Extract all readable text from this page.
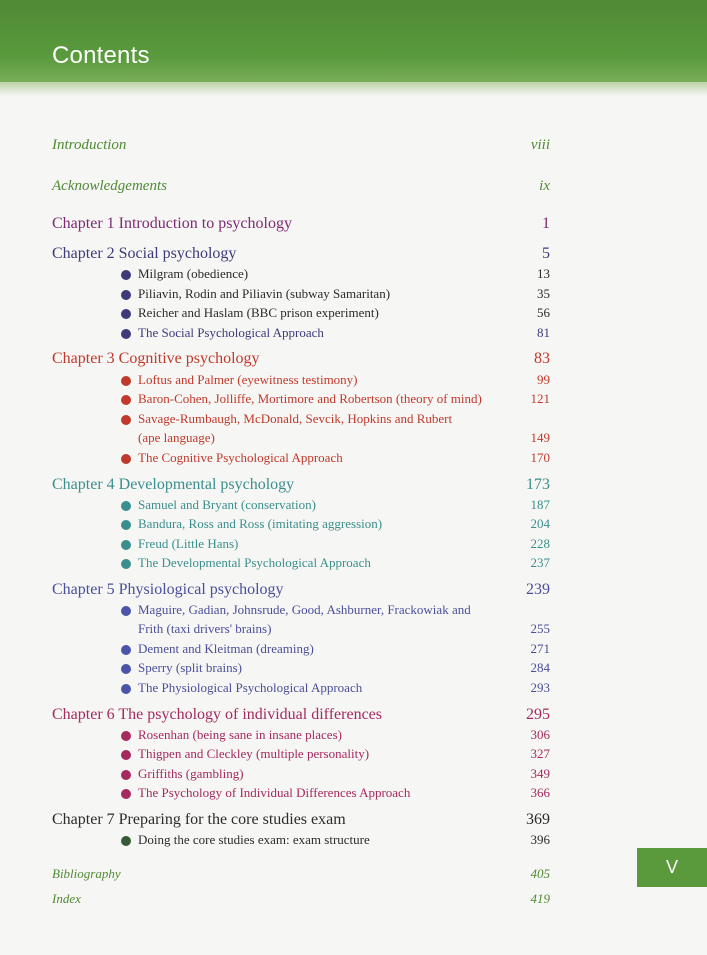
Contents
Introduction	viii
Acknowledgements	ix
Chapter 1 Introduction to psychology	1
Chapter 2 Social psychology	5
Milgram (obedience)	13
Piliavin, Rodin and Piliavin (subway Samaritan)	35
Reicher and Haslam (BBC prison experiment)	56
The Social Psychological Approach	81
Chapter 3 Cognitive psychology	83
Loftus and Palmer (eyewitness testimony)	99
Baron-Cohen, Jolliffe, Mortimore and Robertson (theory of mind)	121
Savage-Rumbaugh, McDonald, Sevcik, Hopkins and Rubert
(ape language)	149
The Cognitive Psychological Approach	170
Chapter 4 Developmental psychology	173
Samuel and Bryant (conservation)	187
Bandura, Ross and Ross (imitating aggression)	204
Freud (Little Hans)	228
The Developmental Psychological Approach	237
Chapter 5 Physiological psychology	239
Maguire, Gadian, Johnsrude, Good, Ashburner, Frackowiak and
Frith (taxi drivers' brains)	255
Dement and Kleitman (dreaming)	271
Sperry (split brains)	284
The Physiological Psychological Approach	293
Chapter 6 The psychology of individual differences	295
Rosenhan (being sane in insane places)	306
Thigpen and Cleckley (multiple personality)	327
Griffiths (gambling)	349
The Psychology of Individual Differences Approach	366
Chapter 7 Preparing for the core studies exam	369
Doing the core studies exam: exam structure	396
Bibliography	405
Index	419
V
